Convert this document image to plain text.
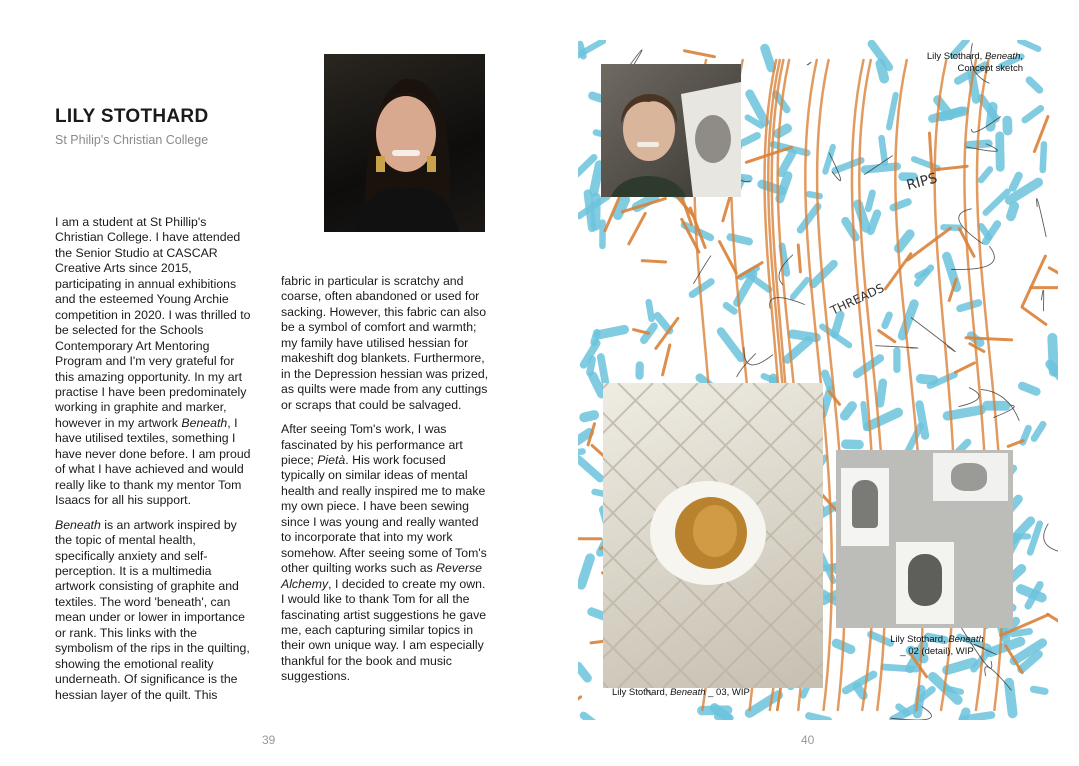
LILY STOTHARD
St Philip's Christian College

I am a student at St Phillip's Christian College. I have attended the Senior Studio at CASCAR Creative Arts since 2015, participating in annual exhibitions and the esteemed Young Archie competition in 2020. I was thrilled to be selected for the Schools Contemporary Art Mentoring Program and I'm very grateful for this amazing opportunity. In my art practise I have been predominately working in graphite and marker, however in my artwork Beneath, I have utilised textiles, something I have never done before. I am proud of what I have achieved and would really like to thank my mentor Tom Isaacs for all his support.

Beneath is an artwork inspired by the topic of mental health, specifically anxiety and self-perception. It is a multimedia artwork consisting of graphite and textiles. The word 'beneath', can mean under or lower in importance or rank. This links with the symbolism of the rips in the quilting, showing the emotional reality underneath. Of significance is the hessian layer of the quilt. This

fabric in particular is scratchy and coarse, often abandoned or used for sacking. However, this fabric can also be a symbol of comfort and warmth; my family have utilised hessian for makeshift dog blankets. Furthermore, in the Depression hessian was prized, as quilts were made from any cuttings or scraps that could be salvaged.

After seeing Tom's work, I was fascinated by his performance art piece; Pietà. His work focused typically on similar ideas of mental health and really inspired me to make my own piece. I have been sewing since I was young and really wanted to incorporate that into my work somehow. After seeing some of Tom's other quilting works such as Reverse Alchemy, I decided to create my own. I would like to thank Tom for all the fascinating artist suggestions he gave me, each capturing similar topics in their own unique way. I am especially thankful for the book and music suggestions.

39	40
RIPS
THREADS
Lily Stothard, Beneath,
Concept sketch
Lily Stothard, Beneath _ 03, WIP
Lily Stothard, Beneath
_ 02 (detail), WIP
